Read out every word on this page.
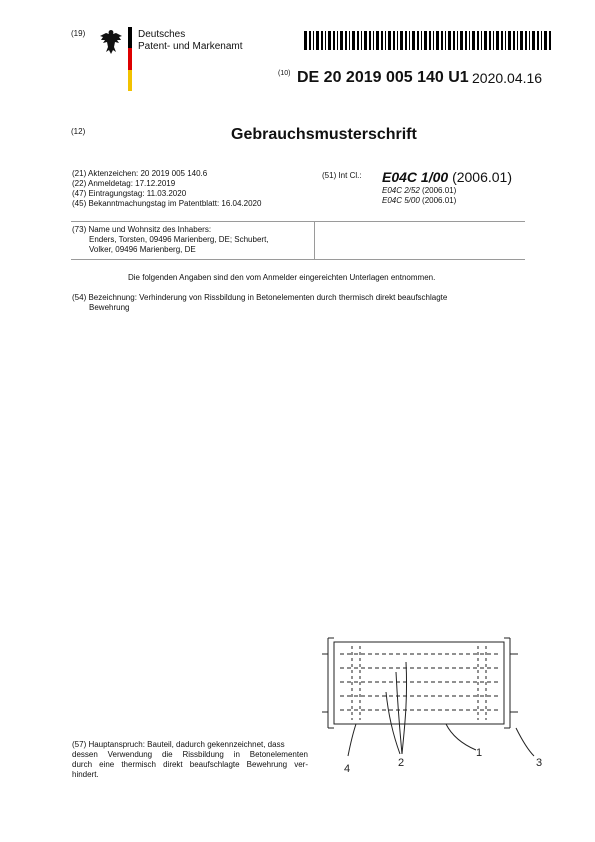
(19)	Deutsches
Patent- und Markenamt
(10) DE 20 2019 005 140 U1 2020.04.16
(12)	Gebrauchsmusterschrift
(21) Aktenzeichen: 20 2019 005 140.6
(22) Anmeldetag: 17.12.2019
(47) Eintragungstag: 11.03.2020
(45) Bekanntmachungstag im Patentblatt: 16.04.2020
(51) Int Cl.: E04C 1/00 (2006.01)
E04C 2/52 (2006.01)
E04C 5/00 (2006.01)
(73) Name und Wohnsitz des Inhabers:
Enders, Torsten, 09496 Marienberg, DE; Schubert,
Volker, 09496 Marienberg, DE
Die folgenden Angaben sind den vom Anmelder eingereichten Unterlagen entnommen.
(54) Bezeichnung: Verhinderung von Rissbildung in Betonelementen durch thermisch direkt beaufschlagte
Bewehrung
(57) Hauptanspruch: Bauteil, dadurch gekennzeichnet, dass
dessen Verwendung die Rissbildung in Betonelementen
durch eine thermisch direkt beaufschlagte Bewehrung ver-
hindert.	4	2
1
3
